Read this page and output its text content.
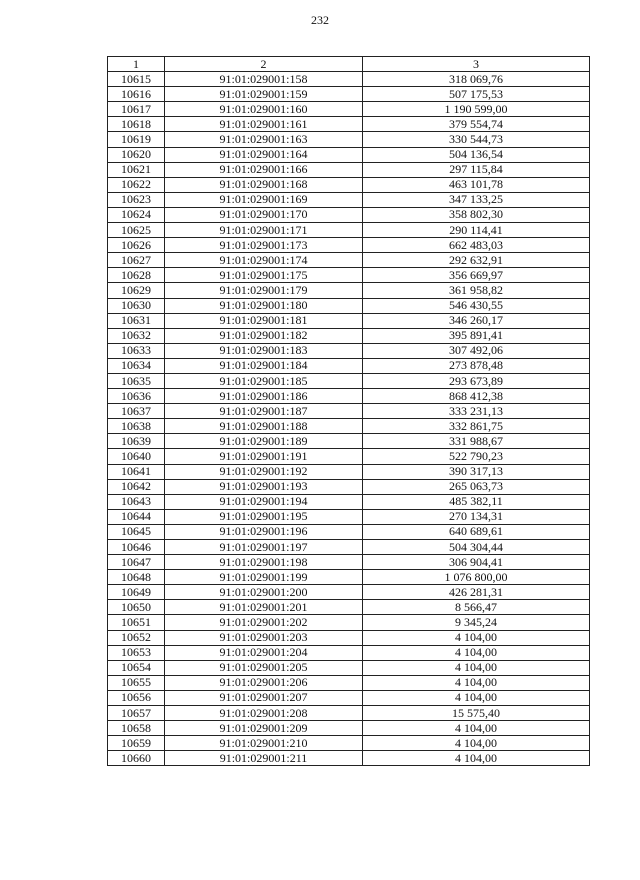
232
1	2	3
10615	91:01:029001:158	318 069,76
10616	91:01:029001:159	507 175,53
10617	91:01:029001:160	1 190 599,00
10618	91:01:029001:161	379 554,74
10619	91:01:029001:163	330 544,73
10620	91:01:029001:164	504 136,54
10621	91:01:029001:166	297 115,84
10622	91:01:029001:168	463 101,78
10623	91:01:029001:169	347 133,25
10624	91:01:029001:170	358 802,30
10625	91:01:029001:171	290 114,41
10626	91:01:029001:173	662 483,03
10627	91:01:029001:174	292 632,91
10628	91:01:029001:175	356 669,97
10629	91:01:029001:179	361 958,82
10630	91:01:029001:180	546 430,55
10631	91:01:029001:181	346 260,17
10632	91:01:029001:182	395 891,41
10633	91:01:029001:183	307 492,06
10634	91:01:029001:184	273 878,48
10635	91:01:029001:185	293 673,89
10636	91:01:029001:186	868 412,38
10637	91:01:029001:187	333 231,13
10638	91:01:029001:188	332 861,75
10639	91:01:029001:189	331 988,67
10640	91:01:029001:191	522 790,23
10641	91:01:029001:192	390 317,13
10642	91:01:029001:193	265 063,73
10643	91:01:029001:194	485 382,11
10644	91:01:029001:195	270 134,31
10645	91:01:029001:196	640 689,61
10646	91:01:029001:197	504 304,44
10647	91:01:029001:198	306 904,41
10648	91:01:029001:199	1 076 800,00
10649	91:01:029001:200	426 281,31
10650	91:01:029001:201	8 566,47
10651	91:01:029001:202	9 345,24
10652	91:01:029001:203	4 104,00
10653	91:01:029001:204	4 104,00
10654	91:01:029001:205	4 104,00
10655	91:01:029001:206	4 104,00
10656	91:01:029001:207	4 104,00
10657	91:01:029001:208	15 575,40
10658	91:01:029001:209	4 104,00
10659	91:01:029001:210	4 104,00
10660	91:01:029001:211	4 104,00
